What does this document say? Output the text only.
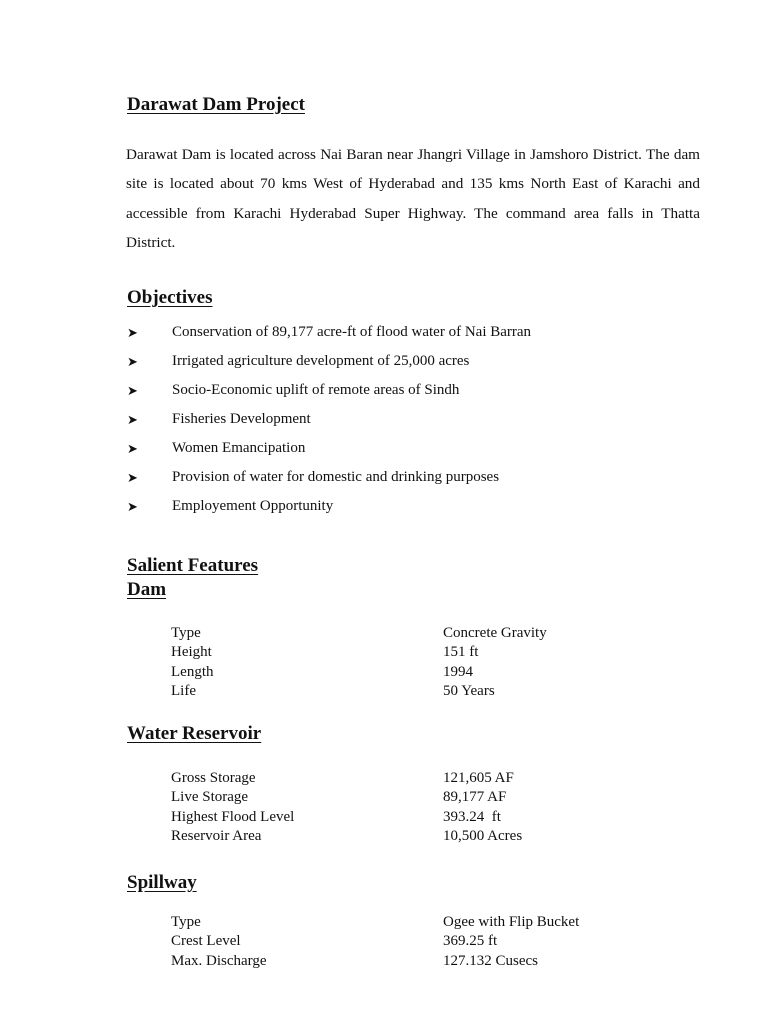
Darawat Dam Project
Darawat Dam is located across Nai Baran near Jhangri Village in Jamshoro District. The dam site is located about 70 kms West of Hyderabad and 135 kms North East of Karachi and accessible from Karachi Hyderabad Super Highway. The command area falls in Thatta District.
Objectives
➤	Conservation of 89,177 acre-ft of flood water of Nai Barran
➤	Irrigated agriculture development of 25,000 acres
➤	Socio-Economic uplift of remote areas of Sindh
➤	Fisheries Development
➤	Women Emancipation
➤	Provision of water for domestic and drinking purposes
➤	Employement Opportunity
Salient Features
Dam
Type	Concrete Gravity
Height	151 ft
Length	1994
Life	50 Years
Water Reservoir
Gross Storage	121,605 AF
Live Storage	89,177 AF
Highest Flood Level	393.24  ft
Reservoir Area	10,500 Acres
Spillway
Type	Ogee with Flip Bucket
Crest Level	369.25 ft
Max. Discharge	127.132 Cusecs
